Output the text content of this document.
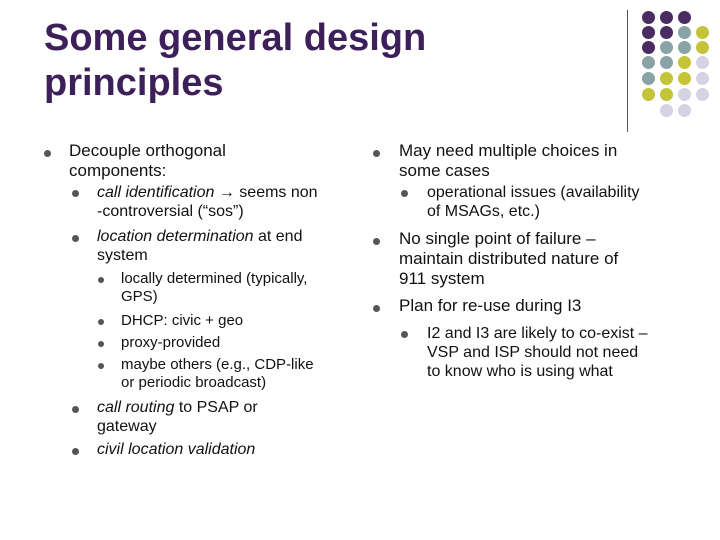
Some general design
principles
Decouple orthogonal
components:
call identification → seems non
-controversial (“sos”)
location determination at end
system
locally determined (typically,
GPS)
DHCP: civic + geo
proxy-provided
maybe others (e.g., CDP-like
or periodic broadcast)
call routing to PSAP or
gateway
civil location validation
May need multiple choices in
some cases
operational issues (availability
of MSAGs, etc.)
No single point of failure –
maintain distributed nature of
911 system
Plan for re-use during I3
I2 and I3 are likely to co-exist –
VSP and ISP should not need
to know who is using what
